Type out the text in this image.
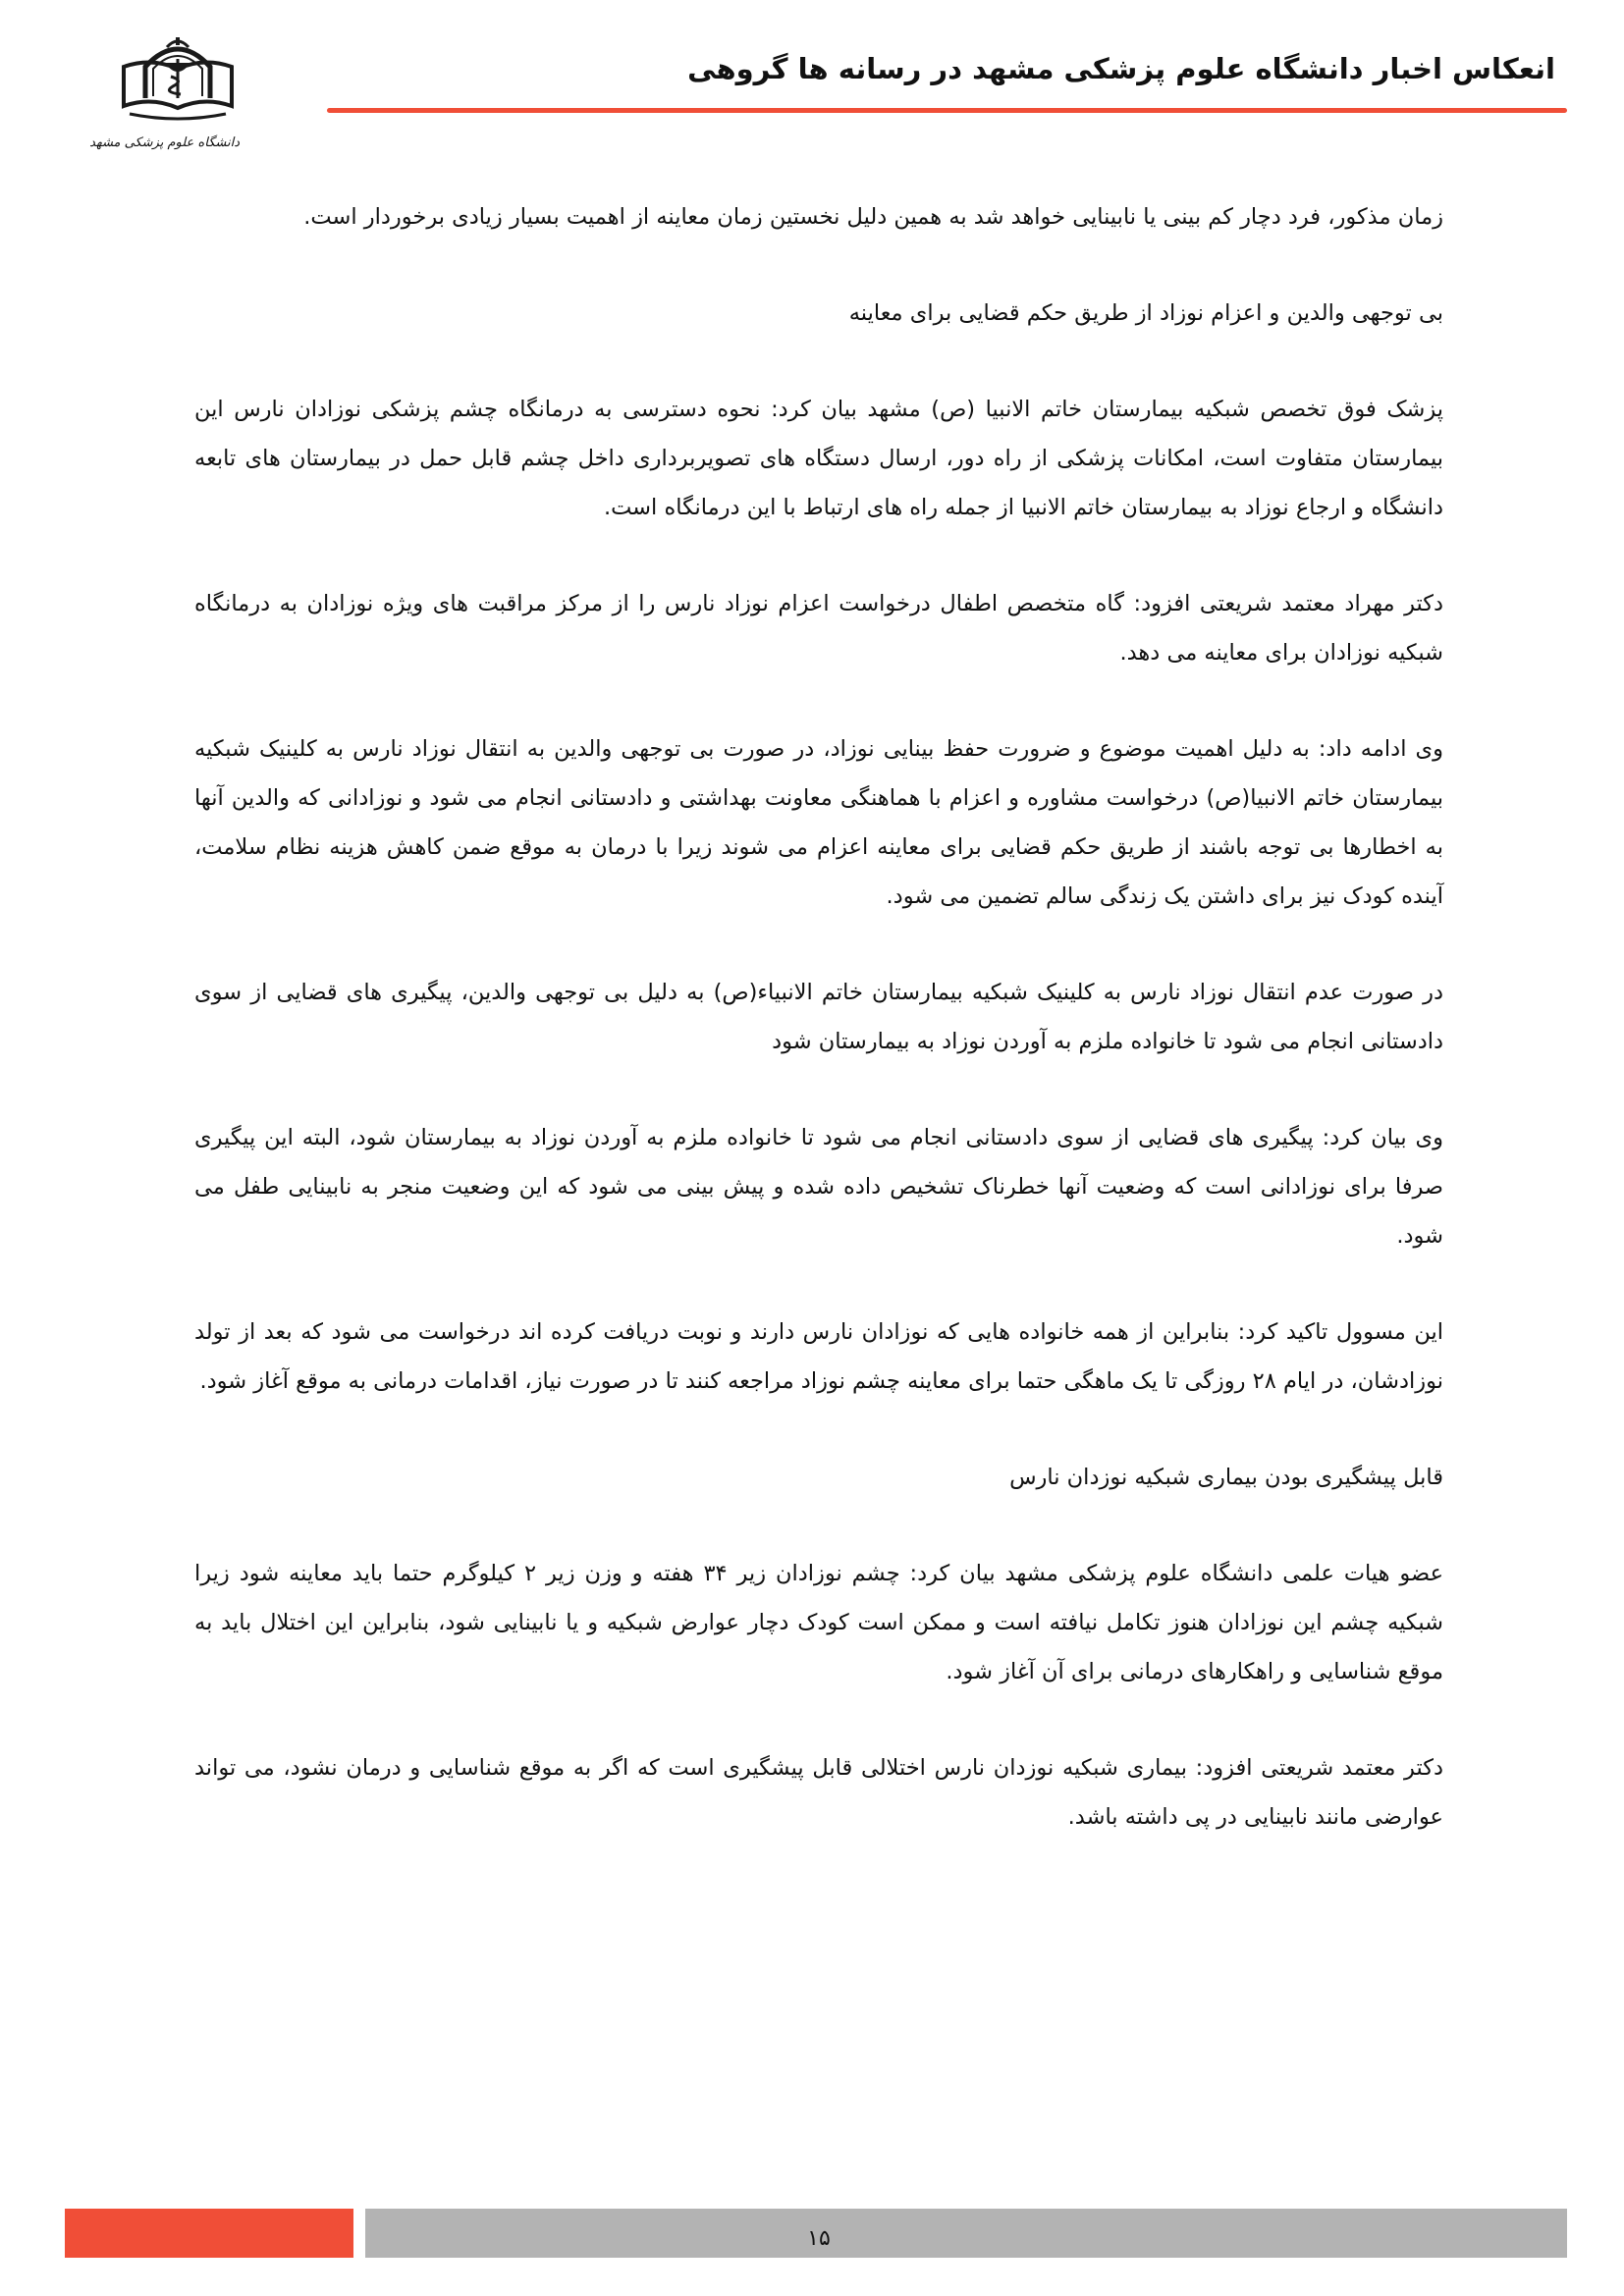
دانشگاه علوم پزشکی مشهد
انعکاس اخبار دانشگاه علوم پزشکی مشهد در رسانه ها گروهی

زمان مذکور، فرد دچار کم بینی یا نابینایی خواهد شد به همین دلیل نخستین زمان معاینه از اهمیت بسیار زیادی برخوردار است.

بی توجهی والدین و اعزام نوزاد از طریق حکم قضایی برای معاینه

پزشک فوق تخصص شبکیه بیمارستان خاتم الانبیا (ص) مشهد بیان کرد: نحوه دسترسی به درمانگاه چشم پزشکی نوزادان نارس این بیمارستان متفاوت است، امکانات پزشکی از راه دور، ارسال دستگاه های تصویربرداری داخل چشم قابل حمل در بیمارستان های تابعه دانشگاه و ارجاع نوزاد به بیمارستان خاتم الانبیا از جمله راه های ارتباط با این درمانگاه است.

دکتر مهراد معتمد شریعتی افزود: گاه متخصص اطفال درخواست اعزام نوزاد نارس را از مرکز مراقبت های ویژه نوزادان به درمانگاه شبکیه نوزادان برای معاینه می دهد.

وی ادامه داد: به دلیل اهمیت موضوع و ضرورت حفظ بینایی نوزاد، در صورت بی توجهی والدین به انتقال نوزاد نارس به کلینیک شبکیه بیمارستان خاتم الانبیا(ص) درخواست مشاوره و اعزام با هماهنگی معاونت بهداشتی و دادستانی انجام می شود و نوزادانی که والدین آنها به اخطارها بی توجه باشند از طریق حکم قضایی برای معاینه اعزام می شوند زیرا با درمان به موقع ضمن کاهش هزینه نظام سلامت، آینده کودک نیز برای داشتن یک زندگی سالم تضمین می شود.

در صورت عدم انتقال نوزاد نارس به کلینیک شبکیه بیمارستان خاتم الانبیاء(ص) به دلیل بی توجهی والدین، پیگیری های قضایی از سوی دادستانی انجام می شود تا خانواده ملزم به آوردن نوزاد به بیمارستان شود

وی بیان کرد: پیگیری های قضایی از سوی دادستانی انجام می شود تا خانواده ملزم به آوردن نوزاد به بیمارستان شود، البته این پیگیری صرفا برای نوزادانی است که وضعیت آنها خطرناک تشخیص داده شده و پیش بینی می شود که این وضعیت منجر به نابینایی طفل می شود.

این مسوول تاکید کرد: بنابراین از همه خانواده هایی که نوزادان نارس دارند و نوبت دریافت کرده اند درخواست می شود که بعد از تولد نوزادشان، در ایام ۲۸ روزگی تا یک ماهگی حتما برای معاینه چشم نوزاد مراجعه کنند تا در صورت نیاز، اقدامات درمانی به موقع آغاز شود.

قابل پیشگیری بودن بیماری شبکیه نوزدان نارس

عضو هیات علمی دانشگاه علوم پزشکی مشهد بیان کرد: چشم نوزادان زیر ۳۴ هفته و وزن زیر ۲ کیلوگرم حتما باید معاینه شود زیرا شبکیه چشم این نوزادان هنوز تکامل نیافته است و ممکن است کودک دچار عوارض شبکیه و یا نابینایی شود، بنابراین این اختلال باید به موقع شناسایی و راهکارهای درمانی برای آن آغاز شود.

دکتر معتمد شریعتی افزود: بیماری شبکیه نوزدان نارس اختلالی قابل پیشگیری است که اگر به موقع شناسایی و درمان نشود، می تواند عوارضی مانند نابینایی در پی داشته باشد.

۱۵
